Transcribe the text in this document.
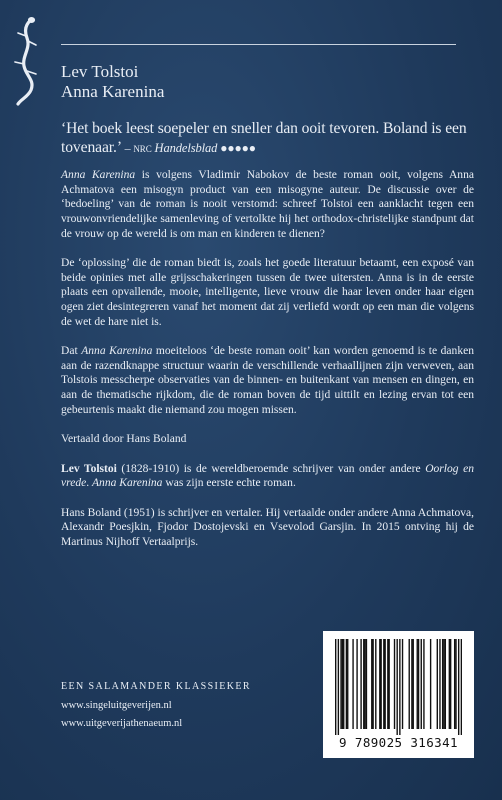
Lev Tolstoi
Anna Karenina
‘Het boek leest soepeler en sneller dan ooit tevoren. Boland is een tovenaar.’ – nrc Handelsblad ●●●●●

Anna Karenina is volgens Vladimir Nabokov de beste roman ooit, volgens Anna Achmatova een misogyn product van een misogyne auteur. De discussie over de ‘bedoeling’ van de roman is nooit verstomd: schreef Tolstoi een aanklacht tegen een vrouwonvriendelijke samenleving of vertolkte hij het orthodox-christelijke standpunt dat de vrouw op de wereld is om man en kinderen te dienen?

De ‘oplossing’ die de roman biedt is, zoals het goede literatuur betaamt, een exposé van beide opinies met alle grijsschakeringen tussen de twee uitersten. Anna is in de eerste plaats een opvallende, mooie, intelligente, lieve vrouw die haar leven onder haar eigen ogen ziet desintegreren vanaf het moment dat zij verliefd wordt op een man die volgens de wet de hare niet is.

Dat Anna Karenina moeiteloos ‘de beste roman ooit’ kan worden genoemd is te danken aan de razendknappe structuur waarin de verschillende verhaallijnen zijn verweven, aan Tolstois messcherpe observaties van de binnen- en buitenkant van mensen en dingen, en aan de thematische rijkdom, die de roman boven de tijd uittilt en lezing ervan tot een gebeurtenis maakt die niemand zou mogen missen.

Vertaald door Hans Boland

Lev Tolstoi (1828-1910) is de wereldberoemde schrijver van onder andere Oorlog en vrede. Anna Karenina was zijn eerste echte roman.

Hans Boland (1951) is schrijver en vertaler. Hij vertaalde onder andere Anna Achmatova, Alexandr Poesjkin, Fjodor Dostojevski en Vsevolod Garsjin. In 2015 ontving hij de Martinus Nijhoff Vertaalprijs.

EEN SALAMANDER KLASSIEKER
www.singeluitgeverijen.nl
www.uitgeverijathenaeum.nl
9 789025 316341
